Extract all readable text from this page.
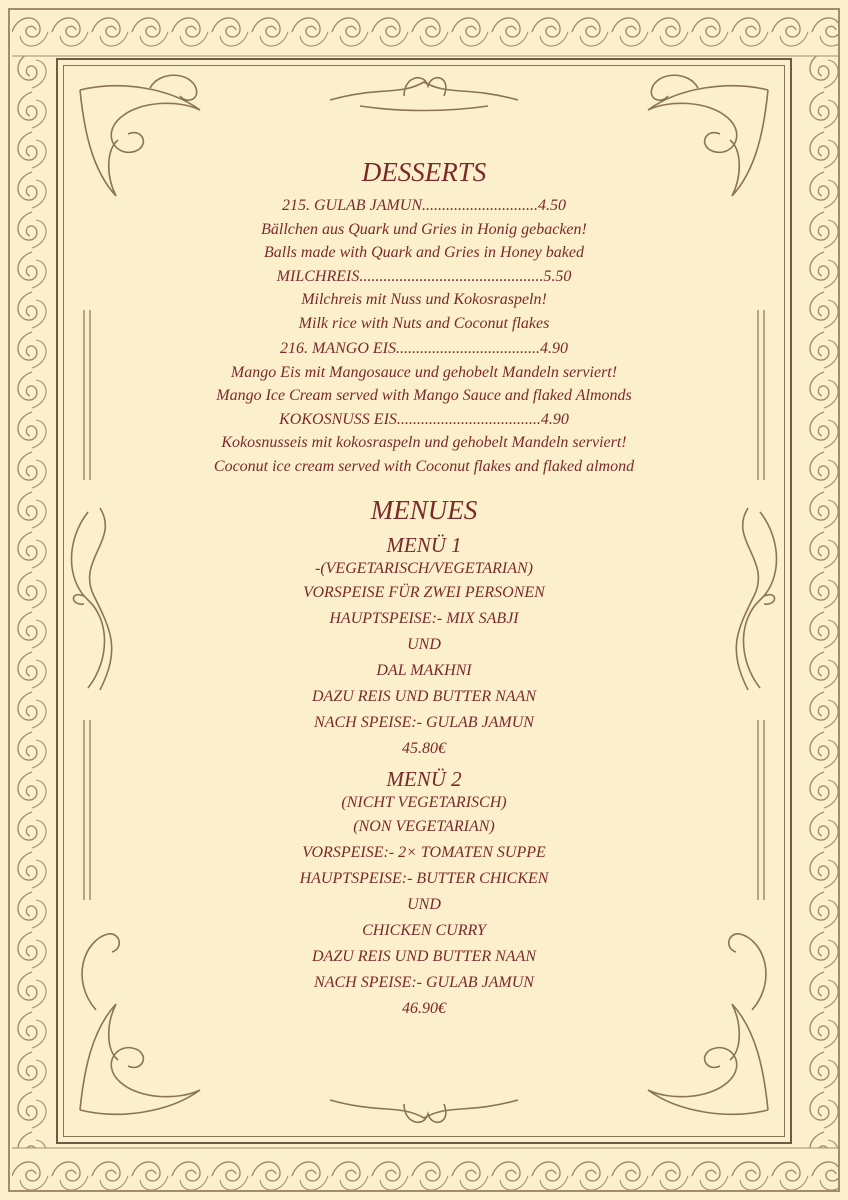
DESSERTS
215. GULAB JAMUN.............................4.50
Bällchen aus Quark und Gries in Honig gebacken!
Balls made with Quark and Gries in Honey baked
MILCHREIS..............................................5.50
Milchreis mit Nuss und Kokosraspeln!
Milk rice with Nuts and Coconut flakes
216. MANGO EIS....................................4.90
Mango Eis mit Mangosauce und gehobelt Mandeln serviert!
Mango Ice Cream served with Mango Sauce and flaked Almonds
KOKOSNUSS EIS....................................4.90
Kokosnusseis mit kokosraspeln und gehobelt Mandeln serviert!
Coconut ice cream served with Coconut flakes and flaked almond
MENUES
MENÜ 1
-(VEGETARISCH/VEGETARIAN)
VORSPEISE FÜR ZWEI PERSONEN
HAUPTSPEISE:- MIX SABJI
UND
DAL MAKHNI
DAZU REIS UND BUTTER NAAN
NACH SPEISE:- GULAB JAMUN
45.80€
MENÜ 2
(NICHT VEGETARISCH)
(NON VEGETARIAN)
VORSPEISE:- 2× TOMATEN SUPPE
HAUPTSPEISE:- BUTTER CHICKEN
UND
CHICKEN CURRY
DAZU REIS UND BUTTER NAAN
NACH SPEISE:- GULAB JAMUN
46.90€
